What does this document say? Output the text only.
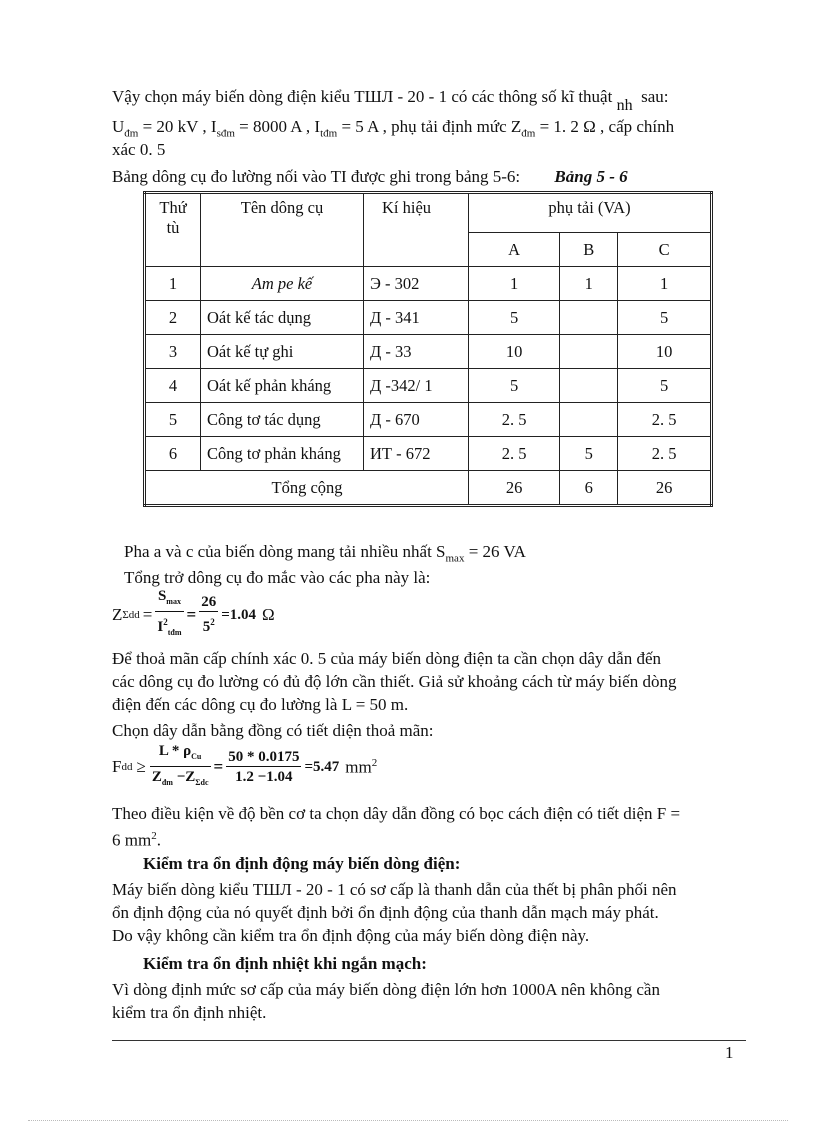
Vậy chọn máy biến dòng điện kiểu ТШЛ - 20 - 1 có các thông số kĩ thuật $_{nh}$ sau:
$U_{đm} = 20$ kV , $I_{sđm} = 8000$ A , $I_{tđm} = 5$ A , phụ tải định mức $Z_{đm} = 1$. 2 Ω , cấp chính
xác 0. 5
Bảng dông cụ đo lường nối vào TI được ghi trong bảng 5-6: Bảng 5 - 6
Thứ tù	Tên dông cụ	Kí hiệu	phụ tải (VA)		
			A	B	C
1	Am pe kế	Э - 302	1	1	1
2	Oát kế tác dụng	Д - 341	5		5
3	Oát kế tự ghi	Д - 33	10		10
4	Oát kế phản kháng	Д -342/ 1	5		5
5	Công tơ tác dụng	Д - 670	2. 5		2. 5
6	Công tơ phản kháng	ИТ - 672	2. 5	5	2. 5
Tổng cộng			26	6	26
Pha a và c của biến dòng mang tải nhiều nhất $S_{max} = 26$ VA
Tổng trở dông cụ đo mắc vào các pha này là:
Z $\Sigma dd = \frac{S_{max}}{I^2_{tđm}} = \frac{26}{5^2} =1.04$ Ω
Để thoả mãn cấp chính xác 0. 5 của máy biến dòng điện ta cần chọn dây dẫn đến
các dông cụ đo lường có đủ độ lớn cần thiết. Giả sử khoảng cách từ máy biến dòng
điện đến các dông cụ đo lường là L = 50 m.
Chọn dây dẫn bằng đồng có tiết diện thoả mãn:
F dd ≥ $\frac{L * \rho_{Cu}}{Z_{đm} -Z_{\Sigma dc}} = \frac{50 * 0.0175}{1.2 -1.04} =5.47$ $mm^2$
Theo điều kiện về độ bền cơ ta chọn dây dẫn đồng có bọc cách điện có tiết diện F =
6 $mm^2$.
Kiểm tra ổn định động máy biến dòng điện:
Máy biến dòng kiểu ТШЛ - 20 - 1 có sơ cấp là thanh dẫn của thết bị phân phối nên
ổn định động của nó quyết định bởi ổn định động của thanh dẫn mạch máy phát.
Do vậy không cần kiểm tra ổn định động của máy biến dòng điện này.
Kiểm tra ổn định nhiệt khi ngắn mạch:
Vì dòng định mức sơ cấp của máy biến dòng điện lớn hơn 1000A nên không cần
kiểm tra ổn định nhiệt.
1
